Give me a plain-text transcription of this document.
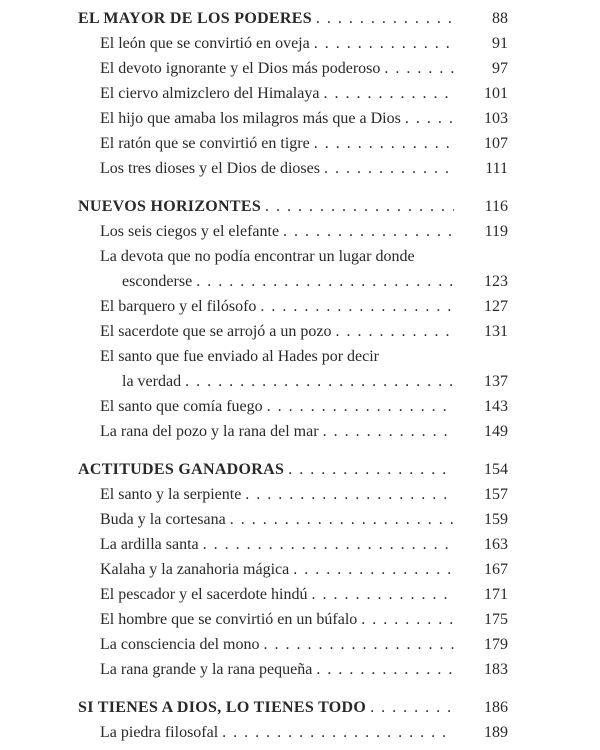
EL MAYOR DE LOS PODERES . . .	88
El león que se convirtió en oveja . . .	91
El devoto ignorante y el Dios más poderoso . . .	97
El ciervo almizclero del Himalaya . . .	101
El hijo que amaba los milagros más que a Dios . . .	103
El ratón que se convirtió en tigre . . .	107
Los tres dioses y el Dios de dioses . . .	111
NUEVOS HORIZONTES . . .	116
Los seis ciegos y el elefante . . .	119
La devota que no podía encontrar un lugar donde
esconderse . . .	123
El barquero y el filósofo . . .	127
El sacerdote que se arrojó a un pozo . . .	131
El santo que fue enviado al Hades por decir
la verdad . . .	137
El santo que comía fuego . . .	143
La rana del pozo y la rana del mar . . .	149
ACTITUDES GANADORAS . . .	154
El santo y la serpiente . . .	157
Buda y la cortesana . . .	159
La ardilla santa . . .	163
Kalaha y la zanahoria mágica . . .	167
El pescador y el sacerdote hindú . . .	171
El hombre que se convirtió en un búfalo . . .	175
La consciencia del mono . . .	179
La rana grande y la rana pequeña . . .	183
SI TIENES A DIOS, LO TIENES TODO . . .	186
La piedra filosofal . . .	189
